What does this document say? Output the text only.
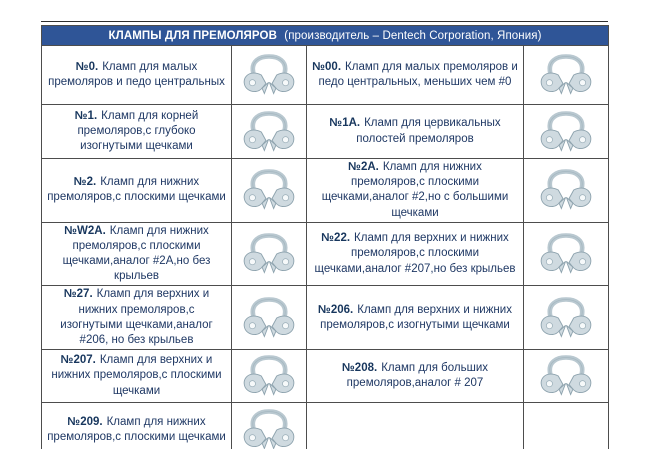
КЛАМПЫ ДЛЯ ПРЕМОЛЯРОВ (производитель – Dentech Corporation, Япония)			
№0. Кламп для малых премоляров и педо центральных		№00. Кламп для малых премоляров и педо центральных, меньших чем #0	
№1. Кламп для корней премоляров,с глубоко изогнутыми щечками		№1А. Кламп для цервикальных полостей премоляров	
№2. Кламп для нижних премоляров,с плоскими щечками		№2А. Кламп для нижних премоляров,с плоскими щечками,аналог #2,но с большими щечками	
№W2A. Кламп для нижних премоляров,с плоскими щечками,аналог #2А,но без крыльев		№22. Кламп для верхних и нижних премоляров,с плоскими щечками,аналог #207,но без крыльев	
№27. Кламп для верхних и нижних премоляров,с изогнутыми щечками,аналог #206, но без крыльев		№206. Кламп для верхних и нижних премоляров,с изогнутыми щечками	
№207. Кламп для верхних и нижних премоляров,с плоскими щечками		№208. Кламп для больших премоляров,аналог # 207	
№209. Кламп для нижних премоляров,с плоскими щечками			
